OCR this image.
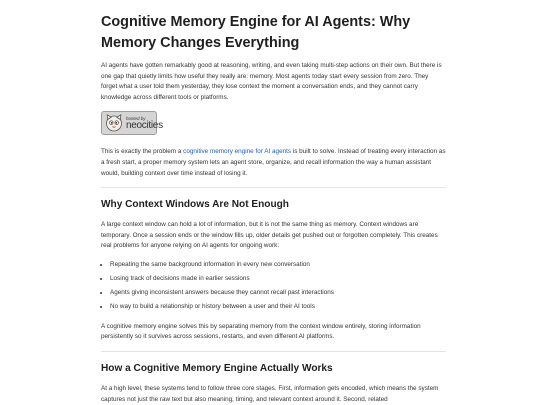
Cognitive Memory Engine for AI Agents: Why Memory Changes Everything

AI agents have gotten remarkably good at reasoning, writing, and even taking multi-step actions on their own. But there is one gap that quietly limits how useful they really are: memory. Most agents today start every session from zero. They forget what a user told them yesterday, they lose context the moment a conversation ends, and they cannot carry knowledge across different tools or platforms.

hosted by
neocities

This is exactly the problem a cognitive memory engine for AI agents is built to solve. Instead of treating every interaction as a fresh start, a proper memory system lets an agent store, organize, and recall information the way a human assistant would, building context over time instead of losing it.

Why Context Windows Are Not Enough

A large context window can hold a lot of information, but it is not the same thing as memory. Context windows are temporary. Once a session ends or the window fills up, older details get pushed out or forgotten completely. This creates real problems for anyone relying on AI agents for ongoing work:

• Repeating the same background information in every new conversation
• Losing track of decisions made in earlier sessions
• Agents giving inconsistent answers because they cannot recall past interactions
• No way to build a relationship or history between a user and their AI tools

A cognitive memory engine solves this by separating memory from the context window entirely, storing information persistently so it survives across sessions, restarts, and even different AI platforms.

How a Cognitive Memory Engine Actually Works

At a high level, these systems tend to follow three core stages. First, information gets encoded, which means the system captures not just the raw text but also meaning, timing, and relevant context around it. Second, related
